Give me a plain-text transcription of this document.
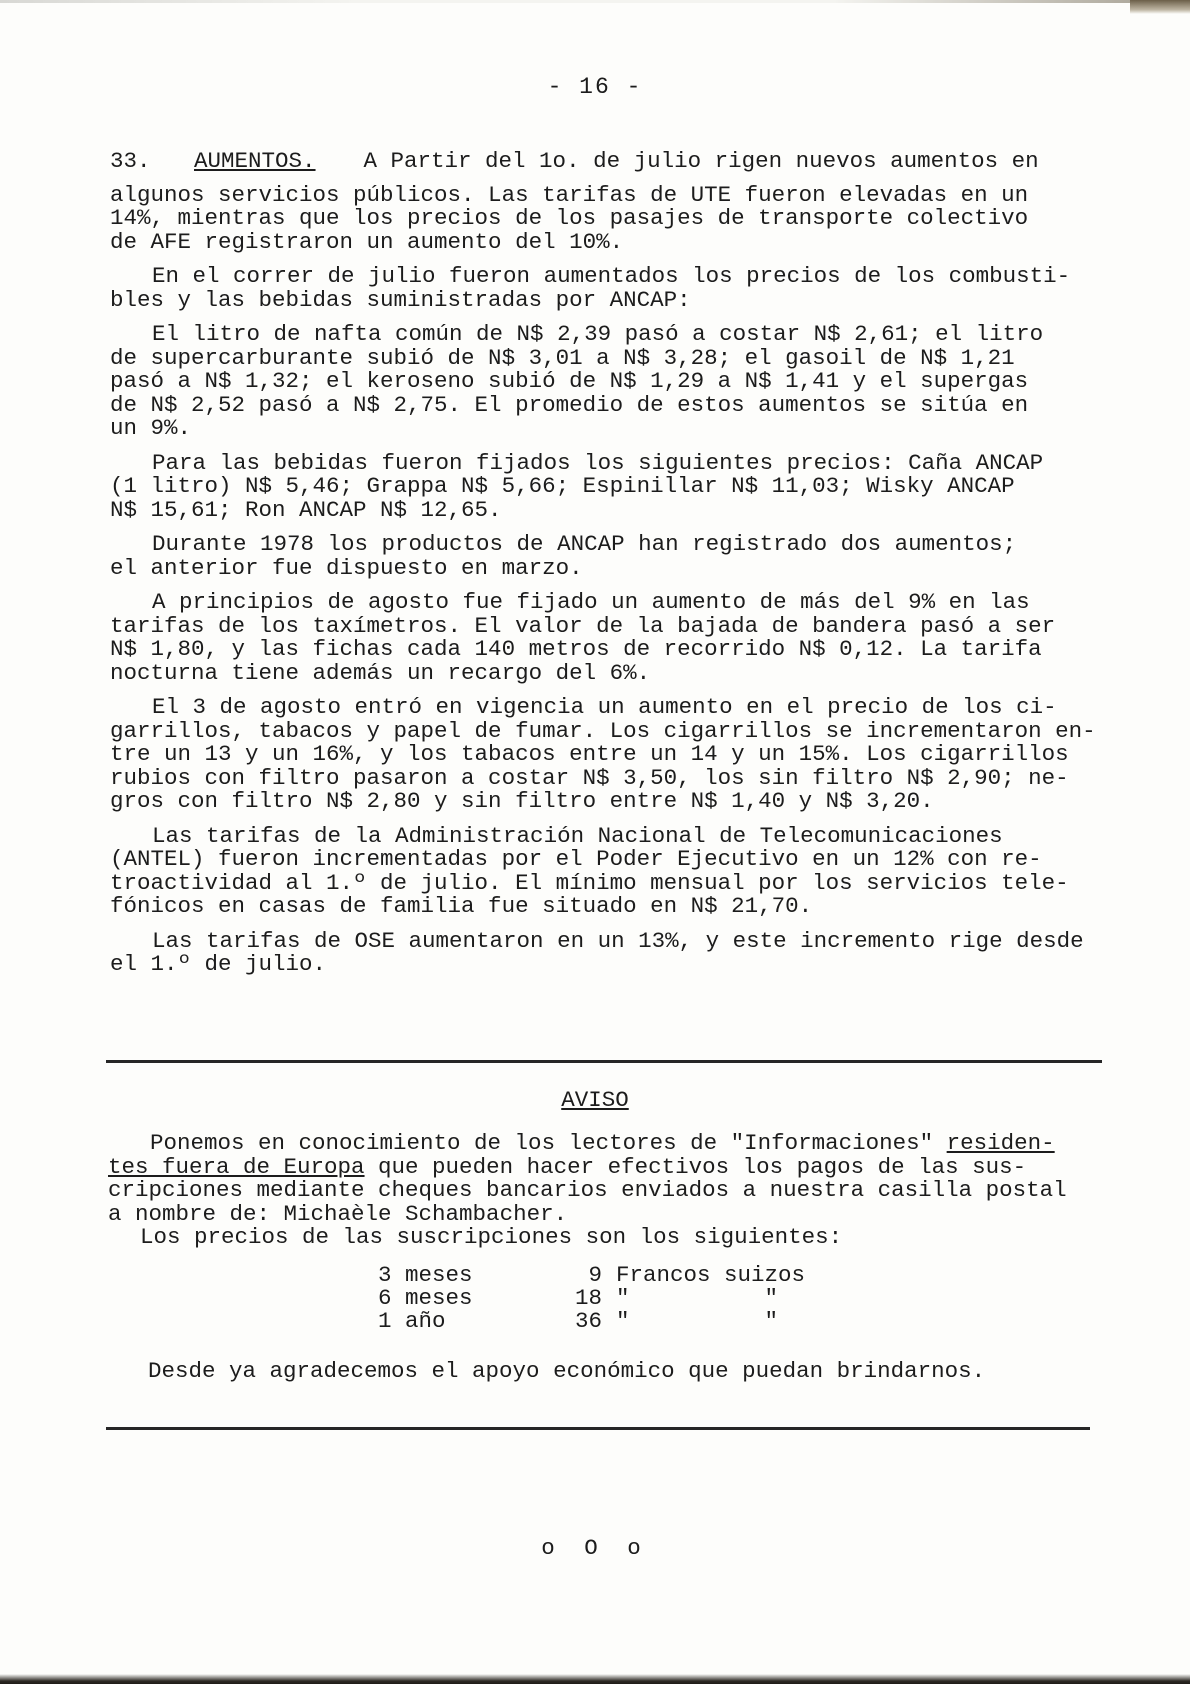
- 16 -
33.	AUMENTOS. A Partir del 1o. de julio rigen nuevos aumentos en

algunos servicios públicos. Las tarifas de UTE fueron elevadas en un
14%, mientras que los precios de los pasajes de transporte colectivo
de AFE registraron un aumento del 10%.

En el correr de julio fueron aumentados los precios de los combusti-
bles y las bebidas suministradas por ANCAP:

El litro de nafta común de N$ 2,39 pasó a costar N$ 2,61; el litro
de supercarburante subió de N$ 3,01 a N$ 3,28; el gasoil de N$ 1,21
pasó a N$ 1,32; el keroseno subió de N$ 1,29 a N$ 1,41 y el supergas
de N$ 2,52 pasó a N$ 2,75. El promedio de estos aumentos se sitúa en
un 9%.

Para las bebidas fueron fijados los siguientes precios: Caña ANCAP
(1 litro) N$ 5,46; Grappa N$ 5,66; Espinillar N$ 11,03; Wisky ANCAP
N$ 15,61; Ron ANCAP N$ 12,65.

Durante 1978 los productos de ANCAP han registrado dos aumentos;
el anterior fue dispuesto en marzo.

A principios de agosto fue fijado un aumento de más del 9% en las
tarifas de los taxímetros. El valor de la bajada de bandera pasó a ser
N$ 1,80, y las fichas cada 140 metros de recorrido N$ 0,12. La tarifa
nocturna tiene además un recargo del 6%.

El 3 de agosto entró en vigencia un aumento en el precio de los ci-
garrillos, tabacos y papel de fumar. Los cigarrillos se incrementaron en-
tre un 13 y un 16%, y los tabacos entre un 14 y un 15%. Los cigarrillos
rubios con filtro pasaron a costar N$ 3,50, los sin filtro N$ 2,90; ne-
gros con filtro N$ 2,80 y sin filtro entre N$ 1,40 y N$ 3,20.

Las tarifas de la Administración Nacional de Telecomunicaciones
(ANTEL) fueron incrementadas por el Poder Ejecutivo en un 12% con re-
troactividad al 1.º de julio. El mínimo mensual por los servicios tele-
fónicos en casas de familia fue situado en N$ 21,70.

Las tarifas de OSE aumentaron en un 13%, y este incremento rige desde
el 1.º de julio.

AVISO

Ponemos en conocimiento de los lectores de "Informaciones" residen-
tes fuera de Europa que pueden hacer efectivos los pagos de las sus-
cripciones mediante cheques bancarios enviados a nuestra casilla postal
a nombre de: Michaèle Schambacher.

Los precios de las suscripciones son los siguientes:

3 meses	9	Francos suizos
6 meses	18	"          "
1 año	36	"          "
Desde ya agradecemos el apoyo económico que puedan brindarnos.
o O o
